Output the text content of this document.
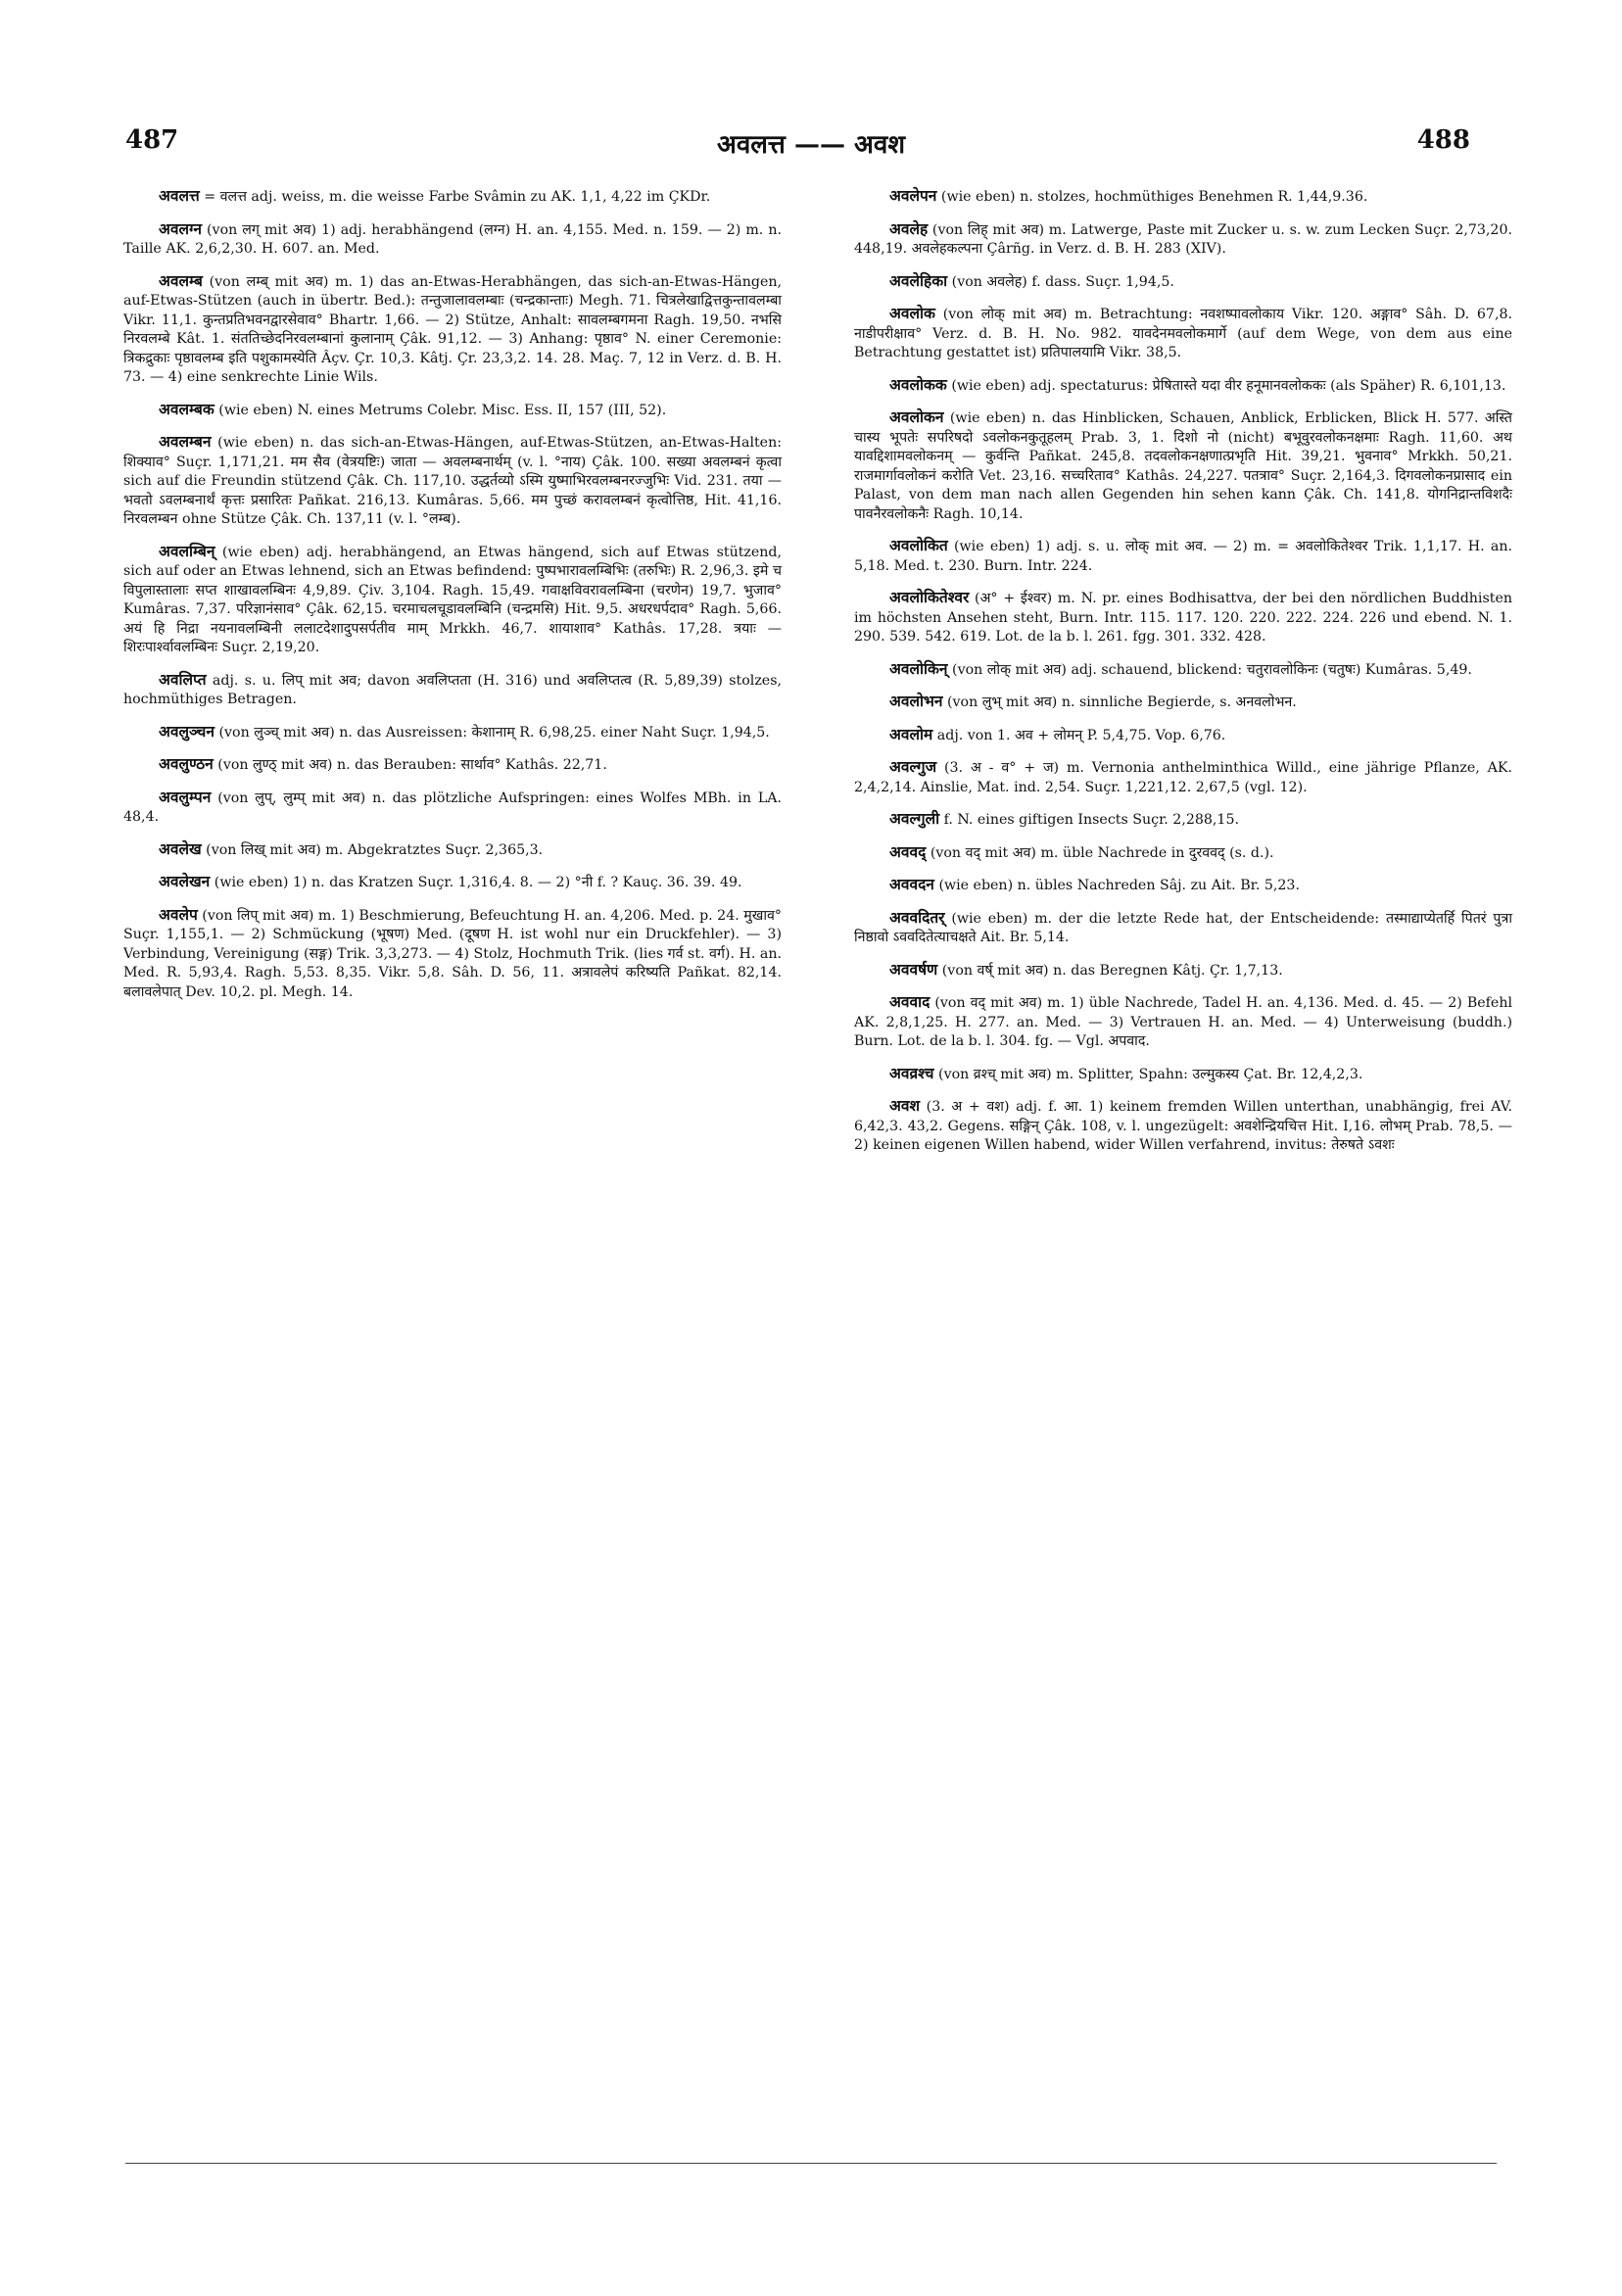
487	अवलत्त —— अवश	488

अवलत्त = वलत्त adj. weiss, m. die weisse Farbe Svâmin zu AK. 1,1, 4,22 im ÇKDr.

अवलग्न (von लग् mit अव) 1) adj. herabhängend (लग्न) H. an. 4,155. Med. n. 159. — 2) m. n. Taille AK. 2,6,2,30. H. 607. an. Med.

अवलम्ब (von लम्ब् mit अव) m. 1) das an-Etwas-Herabhängen, das sich-an-Etwas-Hängen, auf-Etwas-Stützen (auch in übertr. Bed.): तन्तुजालावलम्बाः (चन्द्रकान्ताः) Megh. 71. चित्रलेखाद्वित्तकुन्तावलम्बा Vikr. 11,1. कुन्तप्रतिभवनद्वारसेवाव° Bhartr. 1,66. — 2) Stütze, Anhalt: सावलम्बगमना Ragh. 19,50. नभसि निरवलम्बे Kât. 1. संततिच्छेदनिरवलम्बानां कुलानाम् Çâk. 91,12. — 3) Anhang: पृष्ठाव° N. einer Ceremonie: त्रिकद्रुकाः पृष्ठावलम्ब इति पशुकामस्येति Âçv. Çr. 10,3. Kâtj. Çr. 23,3,2. 14. 28. Maç. 7, 12 in Verz. d. B. H. 73. — 4) eine senkrechte Linie Wils.

अवलम्बक (wie eben) N. eines Metrums Colebr. Misc. Ess. II, 157 (III, 52).

अवलम्बन (wie eben) n. das sich-an-Etwas-Hängen, auf-Etwas-Stützen, an-Etwas-Halten: शिक्याव° Suçr. 1,171,21. मम सैव (वेत्रयष्टिः) जाता — अवलम्बनार्थम् (v. l. °नाय) Çâk. 100. सख्या अवलम्बनं कृत्वा sich auf die Freundin stützend Çâk. Ch. 117,10. उद्धर्तव्यो ऽस्मि युष्माभिरवलम्बनरज्जुभिः Vid. 231. तया — भवतो ऽवलम्बनार्थं कृत्तः प्रसारितः Pañkat. 216,13. Kumâras. 5,66. मम पुच्छं करावलम्बनं कृत्वोत्तिष्ठ, Hit. 41,16. निरवलम्बन ohne Stütze Çâk. Ch. 137,11 (v. l. °लम्ब).

अवलम्बिन् (wie eben) adj. herabhängend, an Etwas hängend, sich auf Etwas stützend, sich auf oder an Etwas lehnend, sich an Etwas befindend: पुष्पभारावलम्बिभिः (तरुभिः) R. 2,96,3. इमे च विपुलास्तालाः सप्त शाखावलम्बिनः 4,9,89. Çiv. 3,104. Ragh. 15,49. गवाक्षविवरावलम्बिना (चरणेन) 19,7. भुजाव° Kumâras. 7,37. परिज्ञानंसाव° Çâk. 62,15. चरमाचलचूडावलम्बिनि (चन्द्रमसि) Hit. 9,5. अधरधर्पदाव° Ragh. 5,66. अयं हि निद्रा नयनावलम्बिनी ललाटदेशादुपसर्पतीव माम् Mrkkh. 46,7. शायाशाव° Kathâs. 17,28. त्रयाः — शिरःपार्श्वावलम्बिनः Suçr. 2,19,20.

अवलिप्त adj. s. u. लिप् mit अव; davon अवलिप्तता (H. 316) und अवलिप्तत्व (R. 5,89,39) stolzes, hochmüthiges Betragen.

अवलुञ्चन (von लुञ्च् mit अव) n. das Ausreissen: केशानाम् R. 6,98,25. einer Naht Suçr. 1,94,5.

अवलुण्ठन (von लुण्ठ् mit अव) n. das Berauben: सार्थाव° Kathâs. 22,71.

अवलुम्पन (von लुप्, लुम्प् mit अव) n. das plötzliche Aufspringen: eines Wolfes MBh. in LA. 48,4.

अवलेख (von लिख् mit अव) m. Abgekratztes Suçr. 2,365,3.

अवलेखन (wie eben) 1) n. das Kratzen Suçr. 1,316,4. 8. — 2) °नी f. ? Kauç. 36. 39. 49.

अवलेप (von लिप् mit अव) m. 1) Beschmierung, Befeuchtung H. an. 4,206. Med. p. 24. मुखाव° Suçr. 1,155,1. — 2) Schmückung (भूषण) Med. (दूषण H. ist wohl nur ein Druckfehler). — 3) Verbindung, Vereinigung (सङ्ग) Trik. 3,3,273. — 4) Stolz, Hochmuth Trik. (lies गर्व st. वर्ग). H. an. Med. R. 5,93,4. Ragh. 5,53. 8,35. Vikr. 5,8. Sâh. D. 56, 11. अत्रावलेपं करिष्यति Pañkat. 82,14. बलावलेपात् Dev. 10,2. pl. Megh. 14.

अवलेपन (wie eben) n. stolzes, hochmüthiges Benehmen R. 1,44,9.36.

अवलेह (von लिह् mit अव) m. Latwerge, Paste mit Zucker u. s. w. zum Lecken Suçr. 2,73,20. 448,19. अवलेहकल्पना Çârñg. in Verz. d. B. H. 283 (XIV).

अवलेहिका (von अवलेह) f. dass. Suçr. 1,94,5.

अवलोक (von लोक् mit अव) m. Betrachtung: नवशष्पावलोकाय Vikr. 120. अङ्गाव° Sâh. D. 67,8. नाडीपरीक्षाव° Verz. d. B. H. No. 982. यावदेनमवलोकमार्गे (auf dem Wege, von dem aus eine Betrachtung gestattet ist) प्रतिपालयामि Vikr. 38,5.

अवलोकक (wie eben) adj. spectaturus: प्रेषितास्ते यदा वीर हनूमानवलोककः (als Späher) R. 6,101,13.

अवलोकन (wie eben) n. das Hinblicken, Schauen, Anblick, Erblicken, Blick H. 577. अस्ति चास्य भूपतेः सपरिषदो ऽवलोकनकुतूहलम् Prab. 3, 1. दिशो नो (nicht) बभूवुरवलोकनक्षमाः Ragh. 11,60. अथ यावद्दिशामवलोकनम् — कुर्वन्ति Pañkat. 245,8. तदवलोकनक्षणात्प्रभृति Hit. 39,21. भुवनाव° Mrkkh. 50,21. राजमार्गावलोकनं करोति Vet. 23,16. सच्चरिताव° Kathâs. 24,227. पतत्राव° Suçr. 2,164,3. दिगवलोकनप्रासाद ein Palast, von dem man nach allen Gegenden hin sehen kann Çâk. Ch. 141,8. योगनिद्रान्तविशदैः पावनैरवलोकनैः Ragh. 10,14.

अवलोकित (wie eben) 1) adj. s. u. लोक् mit अव. — 2) m. = अवलोकितेश्वर Trik. 1,1,17. H. an. 5,18. Med. t. 230. Burn. Intr. 224.

अवलोकितेश्वर (अ° + ईश्वर) m. N. pr. eines Bodhisattva, der bei den nördlichen Buddhisten im höchsten Ansehen steht, Burn. Intr. 115. 117. 120. 220. 222. 224. 226 und ebend. N. 1. 290. 539. 542. 619. Lot. de la b. l. 261. fgg. 301. 332. 428.

अवलोकिन् (von लोक् mit अव) adj. schauend, blickend: चतुरावलोकिनः (चतुषः) Kumâras. 5,49.

अवलोभन (von लुभ् mit अव) n. sinnliche Begierde, s. अनवलोभन.

अवलोम adj. von 1. अव + लोमन् P. 5,4,75. Vop. 6,76.

अवल्गुज (3. अ - व° + ज) m. Vernonia anthelminthica Willd., eine jährige Pflanze, AK. 2,4,2,14. Ainslie, Mat. ind. 2,54. Suçr. 1,221,12. 2,67,5 (vgl. 12).

अवल्गुली f. N. eines giftigen Insects Suçr. 2,288,15.

अववद् (von वद् mit अव) m. üble Nachrede in दुरववद् (s. d.).

अववदन (wie eben) n. übles Nachreden Sâj. zu Ait. Br. 5,23.

अववदितर् (wie eben) m. der die letzte Rede hat, der Entscheidende: तस्माद्याप्येतर्हि पितरं पुत्रा निष्ठावो ऽववदितेत्याचक्षते Ait. Br. 5,14.

अववर्षण (von वर्ष् mit अव) n. das Beregnen Kâtj. Çr. 1,7,13.

अववाद (von वद् mit अव) m. 1) üble Nachrede, Tadel H. an. 4,136. Med. d. 45. — 2) Befehl AK. 2,8,1,25. H. 277. an. Med. — 3) Vertrauen H. an. Med. — 4) Unterweisung (buddh.) Burn. Lot. de la b. l. 304. fg. — Vgl. अपवाद.

अवव्रश्च (von व्रश्च् mit अव) m. Splitter, Spahn: उल्मुकस्य Çat. Br. 12,4,2,3.

अवश (3. अ + वश) adj. f. आ. 1) keinem fremden Willen unterthan, unabhängig, frei AV. 6,42,3. 43,2. Gegens. सङ्गिन् Çâk. 108, v. l. ungezügelt: अवशेन्द्रियचित्त Hit. I,16. लोभम् Prab. 78,5. — 2) keinen eigenen Willen habend, wider Willen verfahrend, invitus: तेरुषते ऽवशः
